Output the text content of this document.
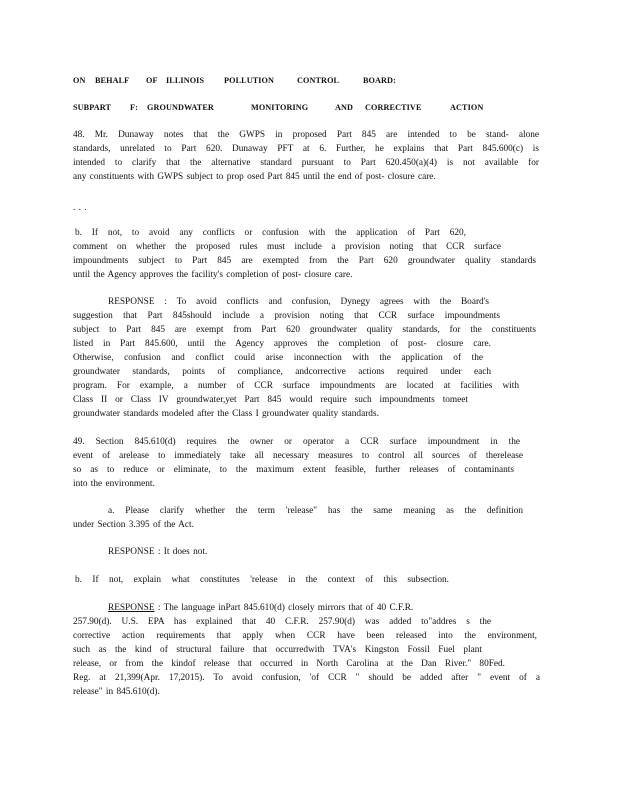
ON BEHALF OF ILLINOIS POLLUTION	CONTROL	BOARD:
SUBPART F: GROUNDWATER	MONITORING	AND CORRECTIVE	ACTION
48. Mr. Dunaway notes that the GWPS in proposed Part 845 are intended to be stand- alone
standards, unrelated to Part 620. Dunaway PFT at 6. Further, he explains that Part 845.600(c) is
intended to clarify that the alternative standard pursuant to Part 620.450(a)(4) is not available for
any constituents with GWPS subject to prop osed Part 845 until the end of post- closure care.
. . .
b. If not, to avoid any conflicts or confusion with the application of Part 620,
comment on whether the proposed rules must include a provision noting that CCR surface
impoundments subject to Part 845 are exempted from the Part 620 groundwater quality standards
until the Agency approves the facility's completion of post- closure care.
RESPONSE : To avoid conflicts and confusion, Dynegy agrees with the Board's
suggestion that Part 845should include a provision noting that CCR surface impoundments
subject to Part 845 are exempt from Part 620 groundwater quality standards, for the constituents
listed in Part 845.600, until the Agency approves the completion of post- closure care.
Otherwise, confusion and conflict could arise inconnection with the application of the
groundwater standards, points of compliance, andcorrective actions required under each
program. For example, a number of CCR surface impoundments are located at facilities with
Class II or Class IV groundwater,yet Part 845 would require such impoundments tomeet
groundwater standards modeled after the Class I groundwater quality standards.
49. Section 845.610(d) requires the owner or operator a CCR surface impoundment in the
event of arelease to immediately take all necessary measures to control all sources of therelease
so as to reduce or eliminate, to the maximum extent feasible, further releases of contaminants
into the environment.
a. Please clarify whether the term 'release" has the same meaning as the definition
under Section 3.395 of the Act.
RESPONSE : It does not.
b. If not, explain what constitutes 'release in the context of this subsection.
RESPONSE : The language inPart 845.610(d) closely mirrors that of 40 C.F.R.
257.90(d). U.S. EPA has explained that 40 C.F.R. 257.90(d) was added to"addres s the
corrective action requirements that apply when CCR have been released into the environment,
such as the kind of structural failure that occurredwith TVA's Kingston Fossil Fuel plant
release, or from the kindof release that occurred in North Carolina at the Dan River." 80Fed.
Reg. at 21,399(Apr. 17,2015). To avoid confusion, 'of CCR " should be added after " event of a
release" in 845.610(d).
